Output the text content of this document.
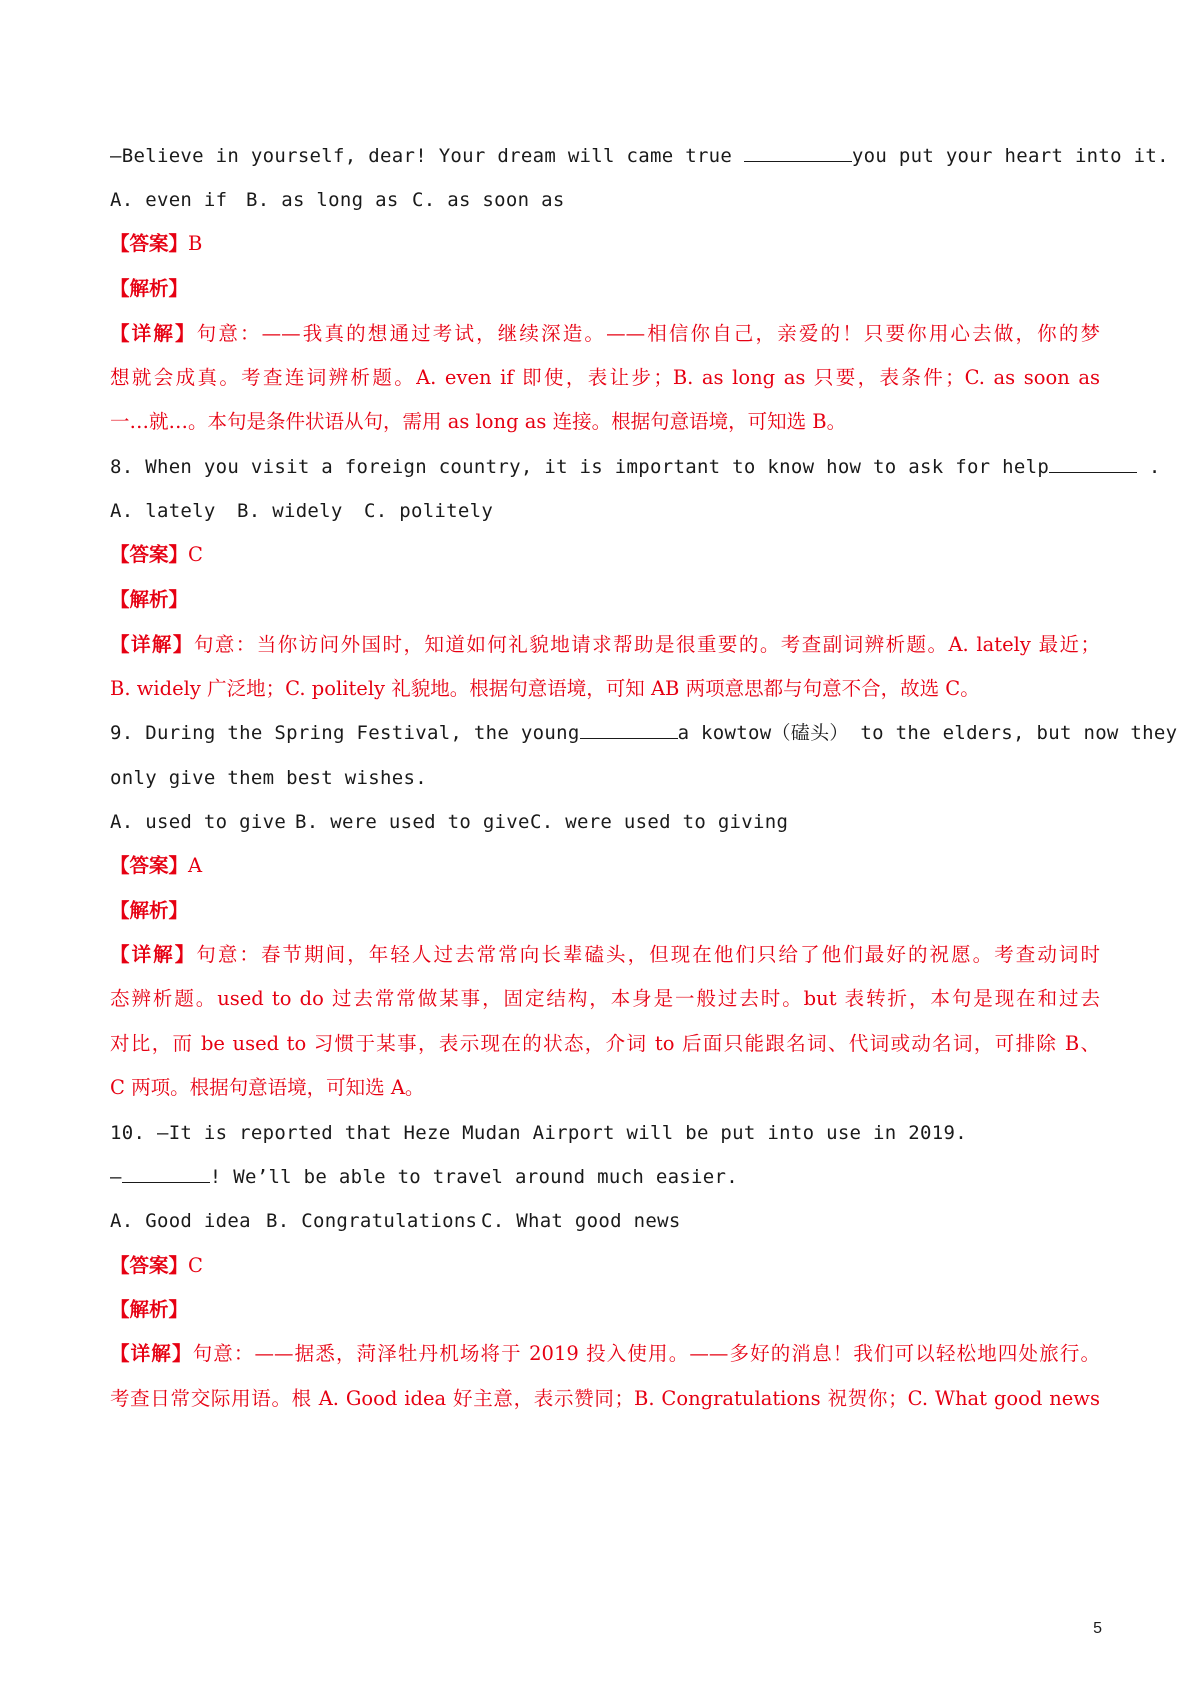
—Believe in yourself, dear! Your dream will came true	you put your heart into it.
A. even if B. as long as C. as soon as
【答案】B
【解析】
【详解】句意：——我真的想通过考试，继续深造。——相信你自己，亲爱的！只要你用心去做，你的梦
想就会成真。考查连词辨析题。A. even if 即使，表让步；B. as long as 只要，表条件；C. as soon as
一…就…。本句是条件状语从句，需用 as long as 连接。根据句意语境，可知选 B。
8. When you visit a foreign country, it is important to know how to ask for help	.
A. lately B. widely C. politely
【答案】C
【解析】
【详解】句意：当你访问外国时，知道如何礼貌地请求帮助是很重要的。考查副词辨析题。A. lately 最近；
B. widely 广泛地；C. politely 礼貌地。根据句意语境，可知 AB 两项意思都与句意不合，故选 C。
9. During the Spring Festival, the young	a kowtow（磕头） to the elders, but now they
only give them best wishes.
A. used to give B. were used to giveC. were used to giving
【答案】A
【解析】
【详解】句意：春节期间，年轻人过去常常向长辈磕头，但现在他们只给了他们最好的祝愿。考查动词时
态辨析题。used to do 过去常常做某事，固定结构，本身是一般过去时。but 表转折，本句是现在和过去
对比，而 be used to 习惯于某事，表示现在的状态，介词 to 后面只能跟名词、代词或动名词，可排除 B、
C 两项。根据句意语境，可知选 A。
10. —It is reported that Heze Mudan Airport will be put into use in 2019.
—	! We’ll be able to travel around much easier.
A. Good idea B. Congratulations C. What good news
【答案】C
【解析】
【详解】句意：——据悉，菏泽牡丹机场将于 2019 投入使用。——多好的消息！我们可以轻松地四处旅行。
考查日常交际用语。根 A. Good idea 好主意，表示赞同；B. Congratulations 祝贺你；C. What good news
5
